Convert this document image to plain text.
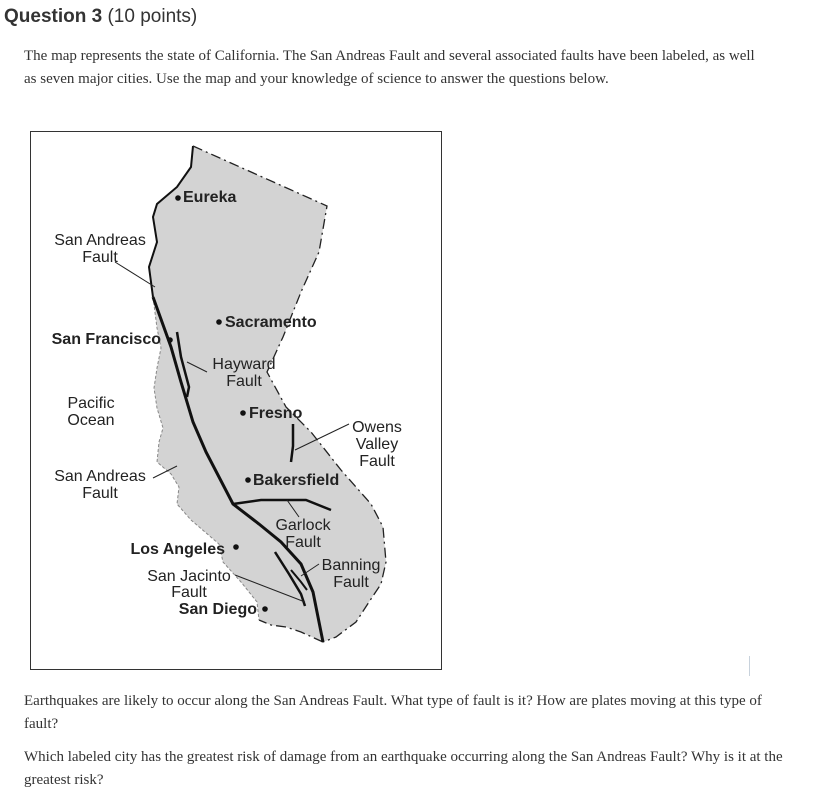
Question 3 (10 points)

The map represents the state of California. The San Andreas Fault and several associated faults have been labeled, as well as seven major cities. Use the map and your knowledge of science to answer the questions below.

Eureka
Sacramento
San Francisco
Fresno
Bakersfield
Los Angeles
San Diego
San Andreas
Fault
Pacific
Ocean
Hayward
Fault
Owens
Valley
Fault
San Andreas
Fault
Garlock
Fault
San Jacinto
Fault
Banning
Fault

Earthquakes are likely to occur along the San Andreas Fault. What type of fault is it? How are plates moving at this type of fault?

Which labeled city has the greatest risk of damage from an earthquake occurring along the San Andreas Fault? Why is it at the greatest risk?
